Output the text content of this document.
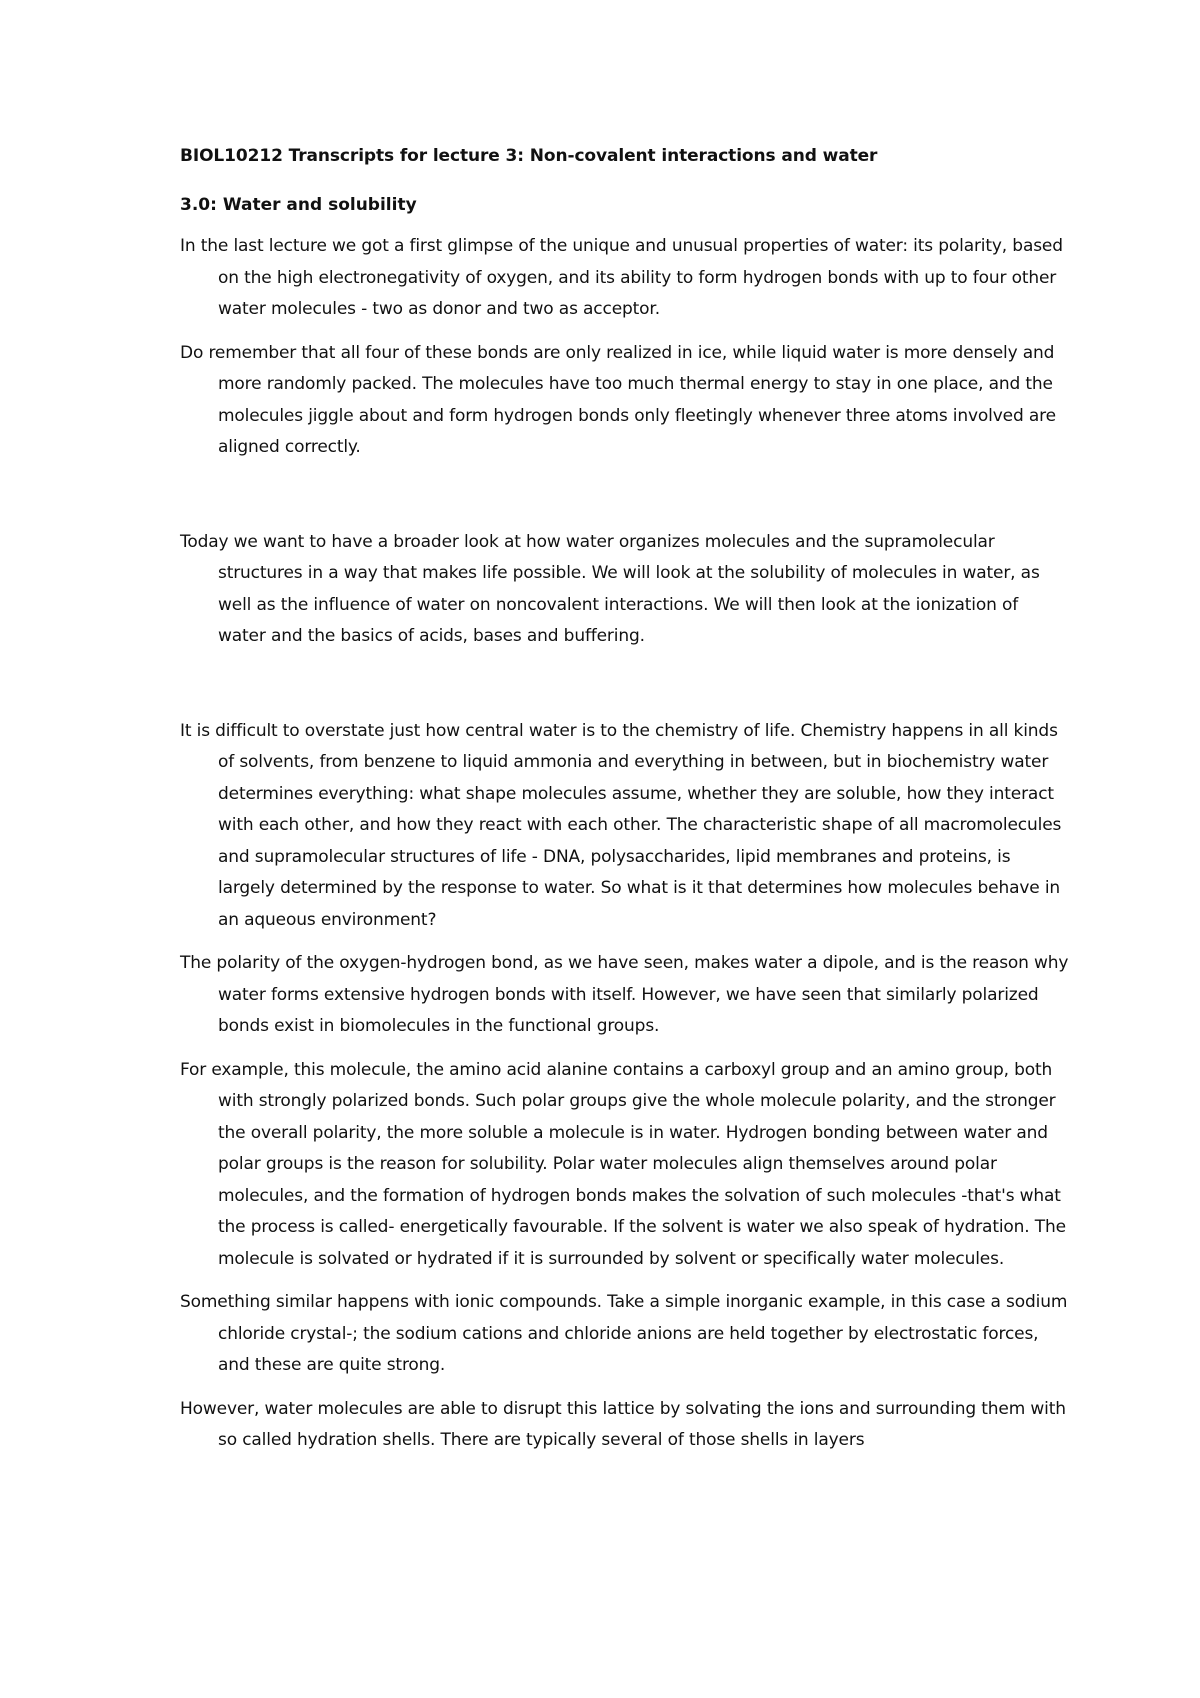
BIOL10212 Transcripts for lecture 3: Non-covalent interactions and water

3.0: Water and solubility

In the last lecture we got a first glimpse of the unique and unusual properties of water: its polarity, based on the high electronegativity of oxygen, and its ability to form hydrogen bonds with up to four other water molecules - two as donor and two as acceptor.

Do remember that all four of these bonds are only realized in ice, while liquid water is more densely and more randomly packed. The molecules have too much thermal energy to stay in one place, and the molecules jiggle about and form hydrogen bonds only fleetingly whenever three atoms involved are aligned correctly.

Today we want to have a broader look at how water organizes molecules and the supramolecular structures in a way that makes life possible. We will look at the solubility of molecules in water, as well as the influence of water on noncovalent interactions. We will then look at the ionization of water and the basics of acids, bases and buffering.

It is difficult to overstate just how central water is to the chemistry of life. Chemistry happens in all kinds of solvents, from benzene to liquid ammonia and everything in between, but in biochemistry water determines everything: what shape molecules assume, whether they are soluble, how they interact with each other, and how they react with each other. The characteristic shape of all macromolecules and supramolecular structures of life - DNA, polysaccharides, lipid membranes and proteins, is largely determined by the response to water. So what is it that determines how molecules behave in an aqueous environment?

The polarity of the oxygen-hydrogen bond, as we have seen, makes water a dipole, and is the reason why water forms extensive hydrogen bonds with itself. However, we have seen that similarly polarized bonds exist in biomolecules in the functional groups.

For example, this molecule, the amino acid alanine contains a carboxyl group and an amino group, both with strongly polarized bonds. Such polar groups give the whole molecule polarity, and the stronger the overall polarity, the more soluble a molecule is in water. Hydrogen bonding between water and polar groups is the reason for solubility. Polar water molecules align themselves around polar molecules, and the formation of hydrogen bonds makes the solvation of such molecules -that's what the process is called- energetically favourable. If the solvent is water we also speak of hydration. The molecule is solvated or hydrated if it is surrounded by solvent or specifically water molecules.

Something similar happens with ionic compounds. Take a simple inorganic example, in this case a sodium chloride crystal-; the sodium cations and chloride anions are held together by electrostatic forces, and these are quite strong.

However, water molecules are able to disrupt this lattice by solvating the ions and surrounding them with so called hydration shells. There are typically several of those shells in layers
